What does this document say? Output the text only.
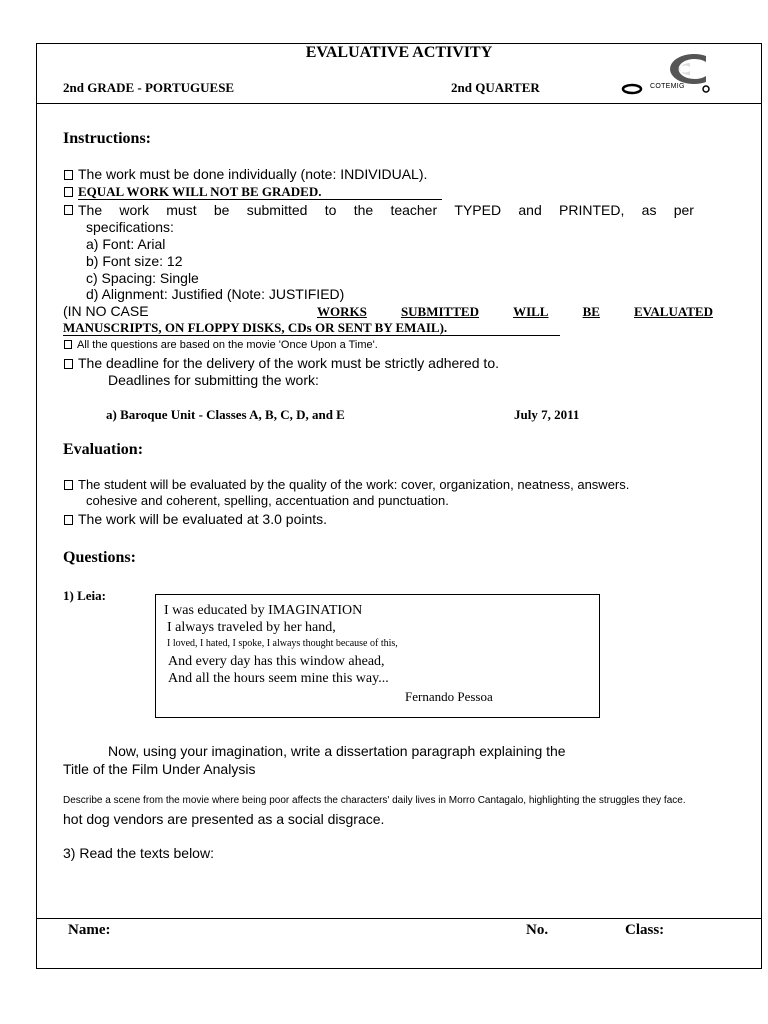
EVALUATIVE ACTIVITY
2nd GRADE - PORTUGUESE	2nd QUARTER	COTEMIG
Instructions:
The work must be done individually (note: INDIVIDUAL).
EQUAL WORK WILL NOT BE GRADED.
The work must be submitted to the teacher TYPED and PRINTED, as per
specifications:
a) Font: Arial
b) Font size: 12
c) Spacing: Single
d) Alignment: Justified (Note: JUSTIFIED)
(IN NO CASE	WORKS	SUBMITTED	WILL	BE	EVALUATED
MANUSCRIPTS, ON FLOPPY DISKS, CDs OR SENT BY EMAIL).
All the questions are based on the movie 'Once Upon a Time'.
The deadline for the delivery of the work must be strictly adhered to.
Deadlines for submitting the work:
a) Baroque Unit - Classes A, B, C, D, and E	July 7, 2011
Evaluation:
The student will be evaluated by the quality of the work: cover, organization, neatness, answers.
cohesive and coherent, spelling, accentuation and punctuation.
The work will be evaluated at 3.0 points.
Questions:
1) Leia:
I was educated by IMAGINATION
I always traveled by her hand,
I loved, I hated, I spoke, I always thought because of this,
And every day has this window ahead,
And all the hours seem mine this way...
Fernando Pessoa
Now, using your imagination, write a dissertation paragraph explaining the
Title of the Film Under Analysis
Describe a scene from the movie where being poor affects the characters' daily lives in Morro Cantagalo, highlighting the struggles they face.
hot dog vendors are presented as a social disgrace.
3) Read the texts below:
Name:	No.	Class:
